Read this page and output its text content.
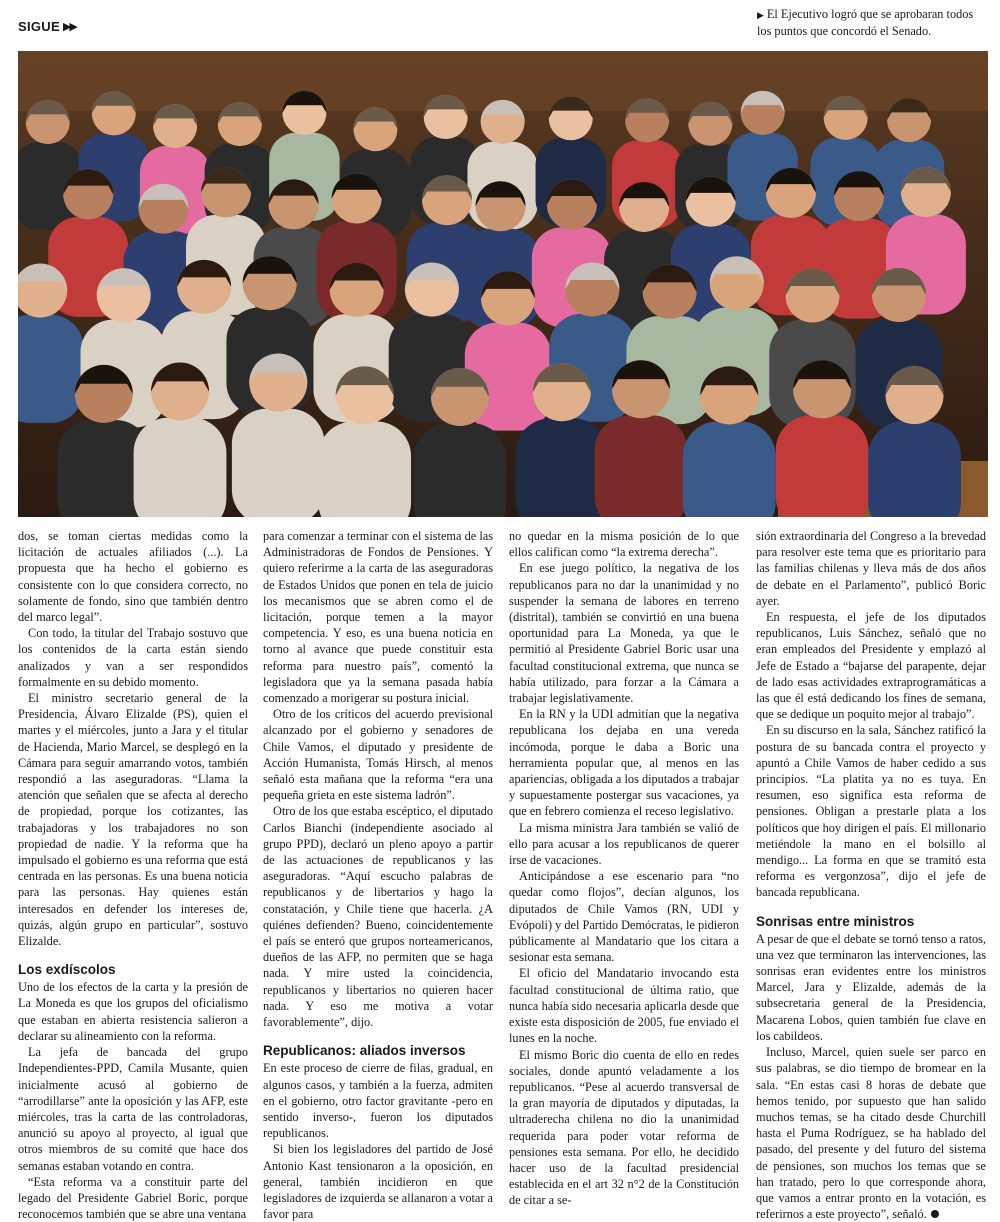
SIGUE ▶▶
▶ El Ejecutivo logró que se aprobaran todos los puntos que concordó el Senado.

dos, se toman ciertas medidas como la licitación de actuales afiliados (...). La propuesta que ha hecho el gobierno es consistente con lo que considera correcto, no solamente de fondo, sino que también dentro del marco legal”.

Con todo, la titular del Trabajo sostuvo que los contenidos de la carta están siendo analizados y van a ser respondidos formalmente en su debido momento.

El ministro secretario general de la Presidencia, Álvaro Elizalde (PS), quien el martes y el miércoles, junto a Jara y el titular de Hacienda, Mario Marcel, se desplegó en la Cámara para seguir amarrando votos, también respondió a las aseguradoras. “Llama la atención que señalen que se afecta al derecho de propiedad, porque los cotizantes, las trabajadoras y los trabajadores no son propiedad de nadie. Y la reforma que ha impulsado el gobierno es una reforma que está centrada en las personas. Es una buena noticia para las personas. Hay quienes están interesados en defender los intereses de, quizás, algún grupo en particular”, sostuvo Elizalde.

Los exdíscolos

Uno de los efectos de la carta y la presión de La Moneda es que los grupos del oficialismo que estaban en abierta resistencia salieron a declarar su alineamiento con la reforma.

La jefa de bancada del grupo Independientes-PPD, Camila Musante, quien inicialmente acusó al gobierno de “arrodillarse” ante la oposición y las AFP, este miércoles, tras la carta de las controladoras, anunció su apoyo al proyecto, al igual que otros miembros de su comité que hace dos semanas estaban votando en contra.

“Esta reforma va a constituir parte del legado del Presidente Gabriel Boric, porque reconocemos también que se abre una ventana

para comenzar a terminar con el sistema de las Administradoras de Fondos de Pensiones. Y quiero referirme a la carta de las aseguradoras de Estados Unidos que ponen en tela de juicio los mecanismos que se abren como el de licitación, porque temen a la mayor competencia. Y eso, es una buena noticia en torno al avance que puede constituir esta reforma para nuestro país”, comentó la legisladora que ya la semana pasada había comenzado a morigerar su postura inicial.

Otro de los críticos del acuerdo previsional alcanzado por el gobierno y senadores de Chile Vamos, el diputado y presidente de Acción Humanista, Tomás Hirsch, al menos señaló esta mañana que la reforma “era una pequeña grieta en este sistema ladrón”.

Otro de los que estaba escéptico, el diputado Carlos Bianchi (independiente asociado al grupo PPD), declaró un pleno apoyo a partir de las actuaciones de republicanos y las aseguradoras. “Aquí escucho palabras de republicanos y de libertarios y hago la constatación, y Chile tiene que hacerla. ¿A quiénes defienden? Bueno, coincidentemente el país se enteró que grupos norteamericanos, dueños de las AFP, no permiten que se haga nada. Y mire usted la coincidencia, republicanos y libertarios no quieren hacer nada. Y eso me motiva a votar favorablemente”, dijo.

Republicanos: aliados inversos

En este proceso de cierre de filas, gradual, en algunos casos, y también a la fuerza, admiten en el gobierno, otro factor gravitante -pero en sentido inverso-, fueron los diputados republicanos.

Si bien los legisladores del partido de José Antonio Kast tensionaron a la oposición, en general, también incidieron en que legisladores de izquierda se allanaron a votar a favor para

no quedar en la misma posición de lo que ellos califican como “la extrema derecha”.

En ese juego político, la negativa de los republicanos para no dar la unanimidad y no suspender la semana de labores en terreno (distrital), también se convirtió en una buena oportunidad para La Moneda, ya que le permitió al Presidente Gabriel Boric usar una facultad constitucional extrema, que nunca se había utilizado, para forzar a la Cámara a trabajar legislativamente.

En la RN y la UDI admitían que la negativa republicana los dejaba en una vereda incómoda, porque le daba a Boric una herramienta popular que, al menos en las apariencias, obligada a los diputados a trabajar y supuestamente postergar sus vacaciones, ya que en febrero comienza el receso legislativo.

La misma ministra Jara también se valió de ello para acusar a los republicanos de querer irse de vacaciones.

Anticipándose a ese escenario para “no quedar como flojos”, decían algunos, los diputados de Chile Vamos (RN, UDI y Evópoli) y del Partido Demócratas, le pidieron públicamente al Mandatario que los citara a sesionar esta semana.

El oficio del Mandatario invocando esta facultad constitucional de última ratio, que nunca había sido necesaria aplicarla desde que existe esta disposición de 2005, fue enviado el lunes en la noche.

El mismo Boric dio cuenta de ello en redes sociales, donde apuntó veladamente a los republicanos. “Pese al acuerdo transversal de la gran mayoría de diputados y diputadas, la ultraderecha chilena no dio la unanimidad requerida para poder votar reforma de pensiones esta semana. Por ello, he decidido hacer uso de la facultad presidencial establecida en el art 32 n°2 de la Constitución de citar a se-

sión extraordinaria del Congreso a la brevedad para resolver este tema que es prioritario para las familias chilenas y lleva más de dos años de debate en el Parlamento”, publicó Boric ayer.

En respuesta, el jefe de los diputados republicanos, Luis Sánchez, señaló que no eran empleados del Presidente y emplazó al Jefe de Estado a “bajarse del parapente, dejar de lado esas actividades extraprogramáticas a las que él está dedicando los fines de semana, que se dedique un poquito mejor al trabajo”.

En su discurso en la sala, Sánchez ratificó la postura de su bancada contra el proyecto y apuntó a Chile Vamos de haber cedido a sus principios. “La platita ya no es tuya. En resumen, eso significa esta reforma de pensiones. Obligan a prestarle plata a los políticos que hoy dirigen el país. El millonario metiéndole la mano en el bolsillo al mendigo... La forma en que se tramitó esta reforma es vergonzosa”, dijo el jefe de bancada republicana.

Sonrisas entre ministros

A pesar de que el debate se tornó tenso a ratos, una vez que terminaron las intervenciones, las sonrisas eran evidentes entre los ministros Marcel, Jara y Elizalde, además de la subsecretaria general de la Presidencia, Macarena Lobos, quien también fue clave en los cabildeos.

Incluso, Marcel, quien suele ser parco en sus palabras, se dio tiempo de bromear en la sala. “En estas casi 8 horas de debate que hemos tenido, por supuesto que han salido muchos temas, se ha citado desde Churchill hasta el Puma Rodríguez, se ha hablado del pasado, del presente y del futuro del sistema de pensiones, son muchos los temas que se han tratado, pero lo que corresponde ahora, que vamos a entrar pronto en la votación, es referirnos a este proyecto”, señaló.
